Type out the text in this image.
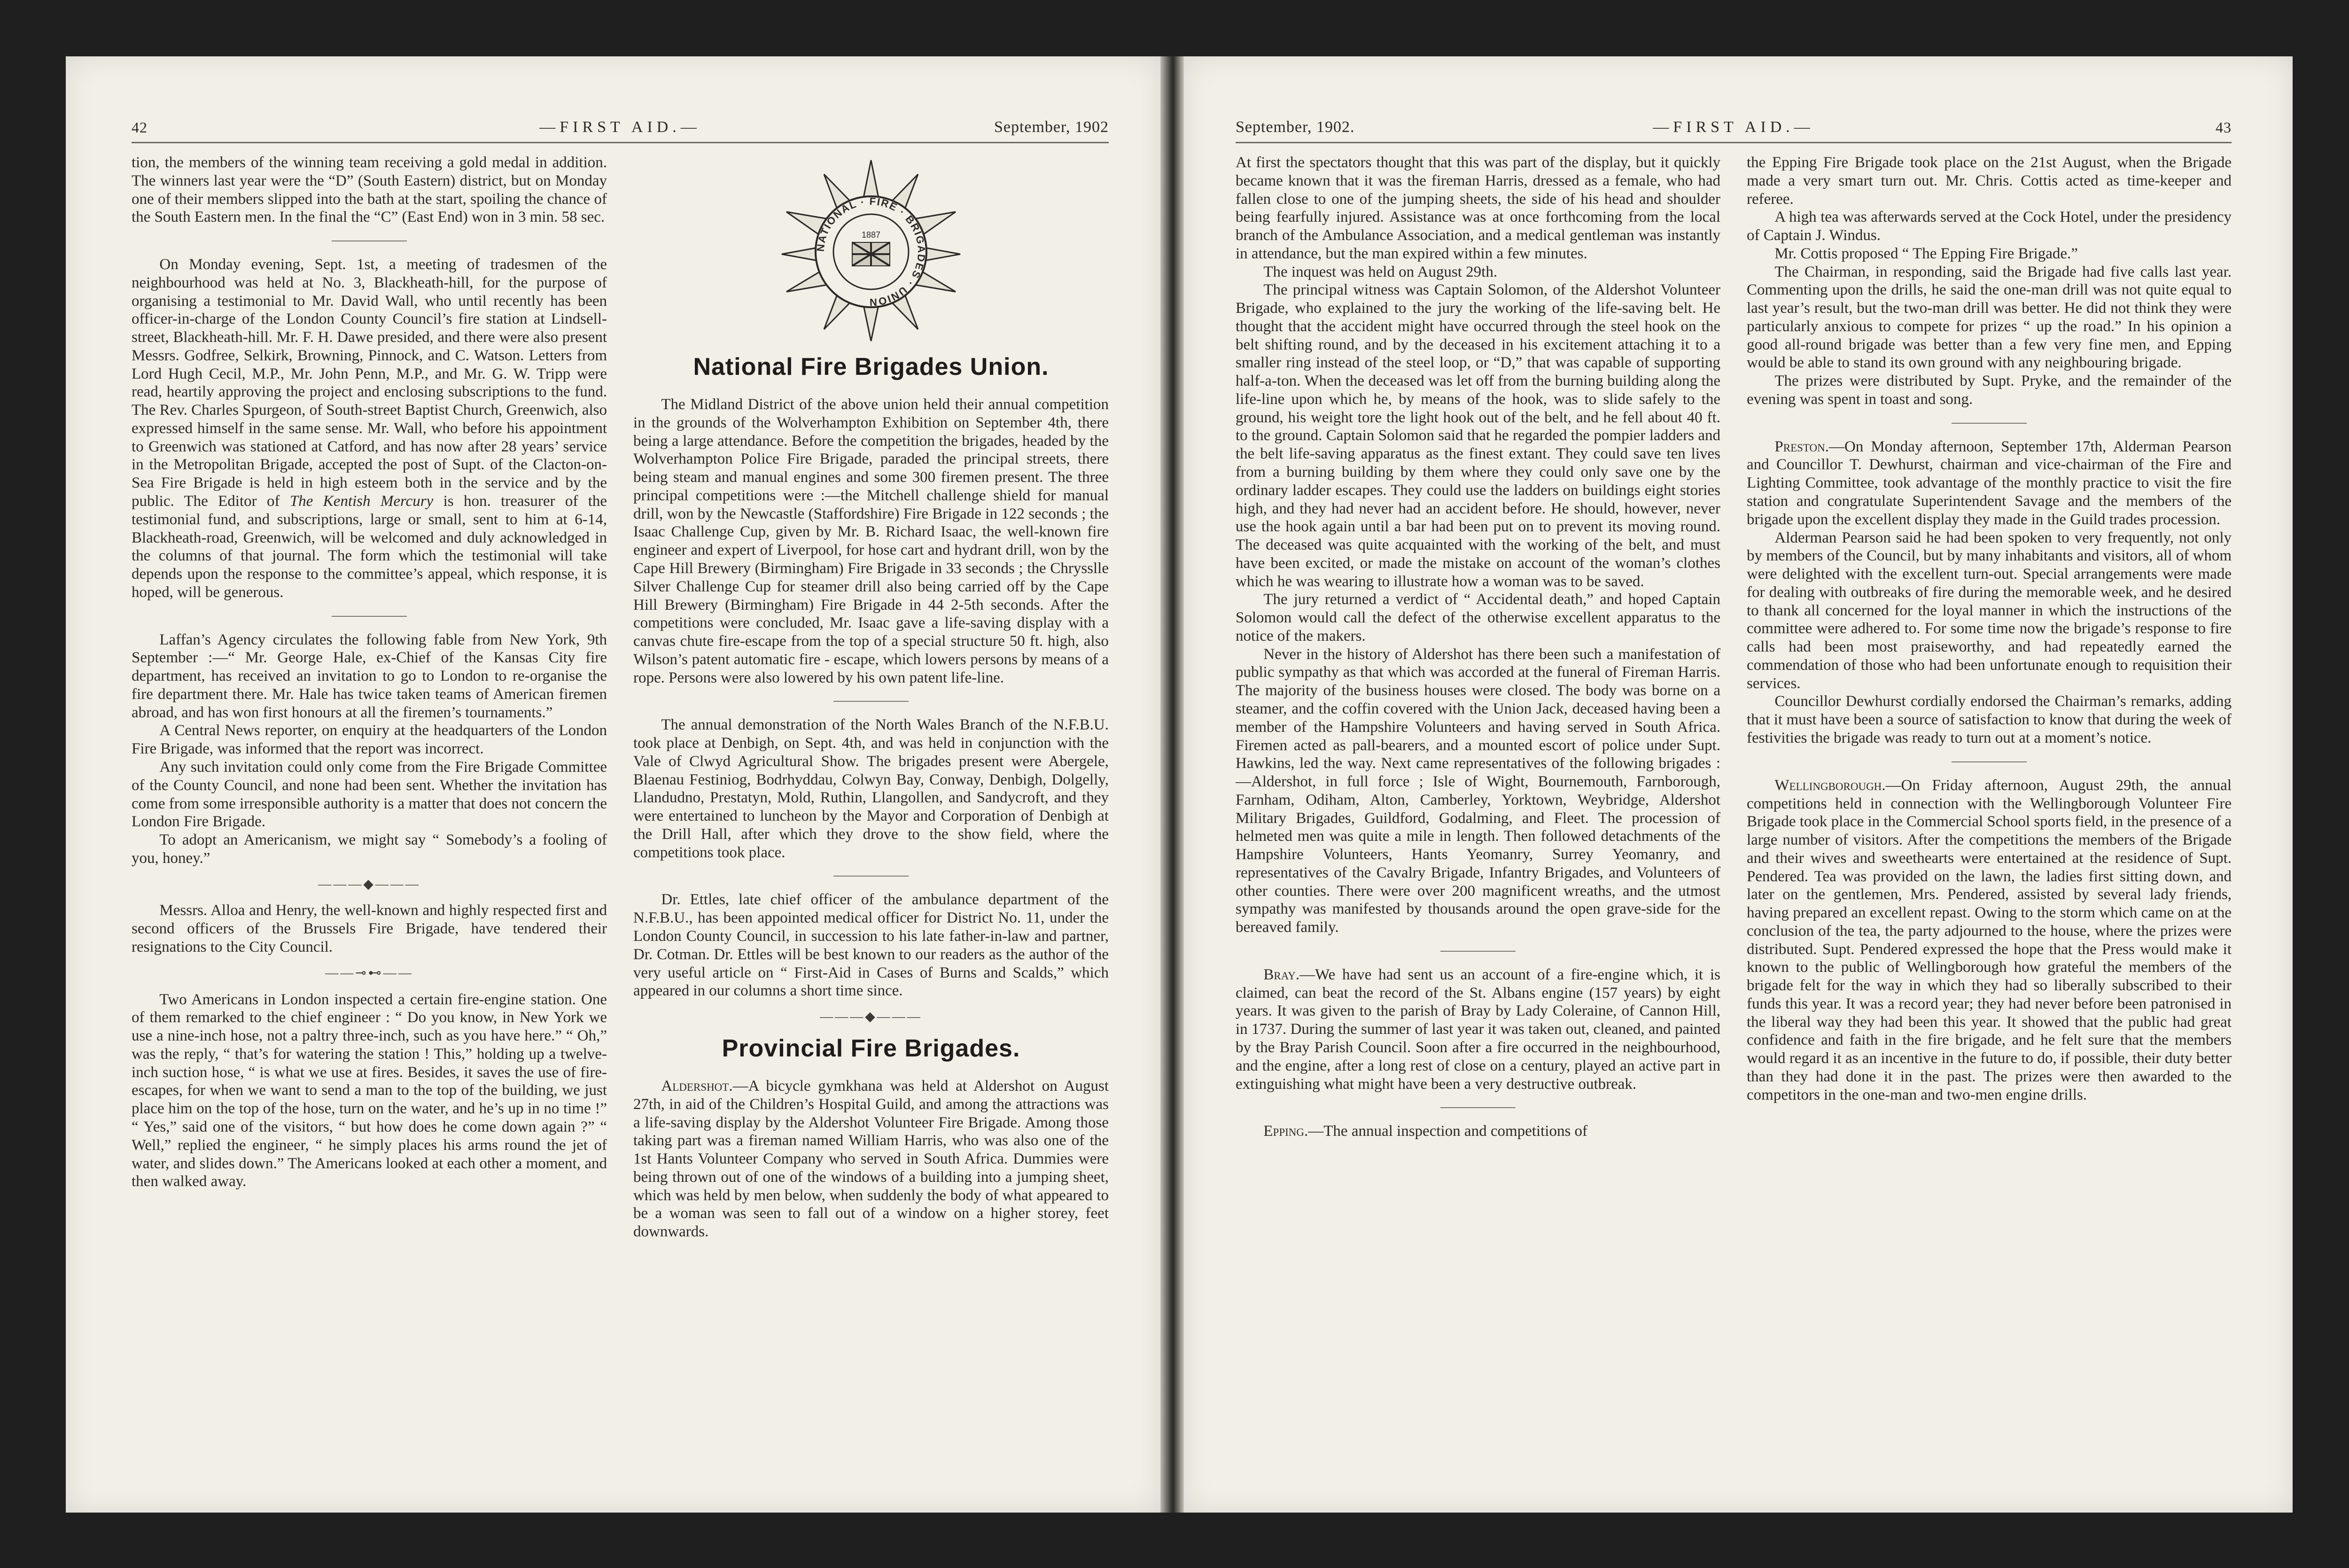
42	—FIRST AID.—	September, 1902

tion, the members of the winning team receiving a gold medal in addition. The winners last year were the “D” (South Eastern) district, but on Monday one of their members slipped into the bath at the start, spoiling the chance of the South Eastern men. In the final the “C” (East End) won in 3 min. 58 sec.

On Monday evening, Sept. 1st, a meeting of tradesmen of the neighbourhood was held at No. 3, Blackheath-hill, for the purpose of organising a testimonial to Mr. David Wall, who until recently has been officer-in-charge of the London County Council’s fire station at Lindsell-street, Blackheath-hill. Mr. F. H. Dawe presided, and there were also present Messrs. Godfree, Selkirk, Browning, Pinnock, and C. Watson. Letters from Lord Hugh Cecil, M.P., Mr. John Penn, M.P., and Mr. G. W. Tripp were read, heartily approving the project and enclosing subscriptions to the fund. The Rev. Charles Spurgeon, of South-street Baptist Church, Greenwich, also expressed himself in the same sense. Mr. Wall, who before his appointment to Greenwich was stationed at Catford, and has now after 28 years’ service in the Metropolitan Brigade, accepted the post of Supt. of the Clacton-on-Sea Fire Brigade is held in high esteem both in the service and by the public. The Editor of The Kentish Mercury is hon. treasurer of the testimonial fund, and subscriptions, large or small, sent to him at 6-14, Blackheath-road, Greenwich, will be welcomed and duly acknowledged in the columns of that journal. The form which the testimonial will take depends upon the response to the committee’s appeal, which response, it is hoped, will be generous.

Laffan’s Agency circulates the following fable from New York, 9th September :—“ Mr. George Hale, ex-Chief of the Kansas City fire department, has received an invitation to go to London to re-organise the fire department there. Mr. Hale has twice taken teams of American firemen abroad, and has won first honours at all the firemen’s tournaments.”

A Central News reporter, on enquiry at the headquarters of the London Fire Brigade, was informed that the report was incorrect.

Any such invitation could only come from the Fire Brigade Committee of the County Council, and none had been sent. Whether the invitation has come from some irresponsible authority is a matter that does not concern the London Fire Brigade.

To adopt an Americanism, we might say “ Somebody’s a fooling of you, honey.”

———◆———

Messrs. Alloa and Henry, the well-known and highly respected first and second officers of the Brussels Fire Brigade, have tendered their resignations to the City Council.

——⊸⊷——

Two Americans in London inspected a certain fire-engine station. One of them remarked to the chief engineer : “ Do you know, in New York we use a nine-inch hose, not a paltry three-inch, such as you have here.” “ Oh,” was the reply, “ that’s for watering the station ! This,” holding up a twelve-inch suction hose, “ is what we use at fires. Besides, it saves the use of fire-escapes, for when we want to send a man to the top of the building, we just place him on the top of the hose, turn on the water, and he’s up in no time !” “ Yes,” said one of the visitors, “ but how does he come down again ?” “ Well,” replied the engineer, “ he simply places his arms round the jet of water, and slides down.” The Americans looked at each other a moment, and then walked away.

NATIONAL · FIRE · BRIGADES · UNION
1887
National Fire Brigades Union.

The Midland District of the above union held their annual competition in the grounds of the Wolverhampton Exhibition on September 4th, there being a large attendance. Before the competition the brigades, headed by the Wolverhampton Police Fire Brigade, paraded the principal streets, there being steam and manual engines and some 300 firemen present. The three principal competitions were :—the Mitchell challenge shield for manual drill, won by the Newcastle (Staffordshire) Fire Brigade in 122 seconds ; the Isaac Challenge Cup, given by Mr. B. Richard Isaac, the well-known fire engineer and expert of Liverpool, for hose cart and hydrant drill, won by the Cape Hill Brewery (Birmingham) Fire Brigade in 33 seconds ; the Chrysslle Silver Challenge Cup for steamer drill also being carried off by the Cape Hill Brewery (Birmingham) Fire Brigade in 44 2-5th seconds. After the competitions were concluded, Mr. Isaac gave a life-saving display with a canvas chute fire-escape from the top of a special structure 50 ft. high, also Wilson’s patent automatic fire - escape, which lowers persons by means of a rope. Persons were also lowered by his own patent life-line.

The annual demonstration of the North Wales Branch of the N.F.B.U. took place at Denbigh, on Sept. 4th, and was held in conjunction with the Vale of Clwyd Agricultural Show. The brigades present were Abergele, Blaenau Festiniog, Bodrhyddau, Colwyn Bay, Conway, Denbigh, Dolgelly, Llandudno, Prestatyn, Mold, Ruthin, Llangollen, and Sandycroft, and they were entertained to luncheon by the Mayor and Corporation of Denbigh at the Drill Hall, after which they drove to the show field, where the competitions took place.

Dr. Ettles, late chief officer of the ambulance department of the N.F.B.U., has been appointed medical officer for District No. 11, under the London County Council, in succession to his late father-in-law and partner, Dr. Cotman. Dr. Ettles will be best known to our readers as the author of the very useful article on “ First-Aid in Cases of Burns and Scalds,” which appeared in our columns a short time since.

———◆———
Provincial Fire Brigades.

Aldershot.—A bicycle gymkhana was held at Aldershot on August 27th, in aid of the Children’s Hospital Guild, and among the attractions was a life-saving display by the Aldershot Volunteer Fire Brigade. Among those taking part was a fireman named William Harris, who was also one of the 1st Hants Volunteer Company who served in South Africa. Dummies were being thrown out of one of the windows of a building into a jumping sheet, which was held by men below, when suddenly the body of what appeared to be a woman was seen to fall out of a window on a higher storey, feet downwards.

September, 1902.	—FIRST AID.—	43

At first the spectators thought that this was part of the display, but it quickly became known that it was the fireman Harris, dressed as a female, who had fallen close to one of the jumping sheets, the side of his head and shoulder being fearfully injured. Assistance was at once forthcoming from the local branch of the Ambulance Association, and a medical gentleman was instantly in attendance, but the man expired within a few minutes.

The inquest was held on August 29th.

The principal witness was Captain Solomon, of the Aldershot Volunteer Brigade, who explained to the jury the working of the life-saving belt. He thought that the accident might have occurred through the steel hook on the belt shifting round, and by the deceased in his excitement attaching it to a smaller ring instead of the steel loop, or “D,” that was capable of supporting half-a-ton. When the deceased was let off from the burning building along the life-line upon which he, by means of the hook, was to slide safely to the ground, his weight tore the light hook out of the belt, and he fell about 40 ft. to the ground. Captain Solomon said that he regarded the pompier ladders and the belt life-saving apparatus as the finest extant. They could save ten lives from a burning building by them where they could only save one by the ordinary ladder escapes. They could use the ladders on buildings eight stories high, and they had never had an accident before. He should, however, never use the hook again until a bar had been put on to prevent its moving round. The deceased was quite acquainted with the working of the belt, and must have been excited, or made the mistake on account of the woman’s clothes which he was wearing to illustrate how a woman was to be saved.

The jury returned a verdict of “ Accidental death,” and hoped Captain Solomon would call the defect of the otherwise excellent apparatus to the notice of the makers.

Never in the history of Aldershot has there been such a manifestation of public sympathy as that which was accorded at the funeral of Fireman Harris. The majority of the business houses were closed. The body was borne on a steamer, and the coffin covered with the Union Jack, deceased having been a member of the Hampshire Volunteers and having served in South Africa. Firemen acted as pall-bearers, and a mounted escort of police under Supt. Hawkins, led the way. Next came representatives of the following brigades :—Aldershot, in full force ; Isle of Wight, Bournemouth, Farnborough, Farnham, Odiham, Alton, Camberley, Yorktown, Weybridge, Aldershot Military Brigades, Guildford, Godalming, and Fleet. The procession of helmeted men was quite a mile in length. Then followed detachments of the Hampshire Volunteers, Hants Yeomanry, Surrey Yeomanry, and representatives of the Cavalry Brigade, Infantry Brigades, and Volunteers of other counties. There were over 200 magnificent wreaths, and the utmost sympathy was manifested by thousands around the open grave-side for the bereaved family.

Bray.—We have had sent us an account of a fire-engine which, it is claimed, can beat the record of the St. Albans engine (157 years) by eight years. It was given to the parish of Bray by Lady Coleraine, of Cannon Hill, in 1737. During the summer of last year it was taken out, cleaned, and painted by the Bray Parish Council. Soon after a fire occurred in the neighbourhood, and the engine, after a long rest of close on a century, played an active part in extinguishing what might have been a very destructive outbreak.

Epping.—The annual inspection and competitions of

the Epping Fire Brigade took place on the 21st August, when the Brigade made a very smart turn out. Mr. Chris. Cottis acted as time-keeper and referee.

A high tea was afterwards served at the Cock Hotel, under the presidency of Captain J. Windus.

Mr. Cottis proposed “ The Epping Fire Brigade.”

The Chairman, in responding, said the Brigade had five calls last year. Commenting upon the drills, he said the one-man drill was not quite equal to last year’s result, but the two-man drill was better. He did not think they were particularly anxious to compete for prizes “ up the road.” In his opinion a good all-round brigade was better than a few very fine men, and Epping would be able to stand its own ground with any neighbouring brigade.

The prizes were distributed by Supt. Pryke, and the remainder of the evening was spent in toast and song.

Preston.—On Monday afternoon, September 17th, Alderman Pearson and Councillor T. Dewhurst, chairman and vice-chairman of the Fire and Lighting Committee, took advantage of the monthly practice to visit the fire station and congratulate Superintendent Savage and the members of the brigade upon the excellent display they made in the Guild trades procession.

Alderman Pearson said he had been spoken to very frequently, not only by members of the Council, but by many inhabitants and visitors, all of whom were delighted with the excellent turn-out. Special arrangements were made for dealing with outbreaks of fire during the memorable week, and he desired to thank all concerned for the loyal manner in which the instructions of the committee were adhered to. For some time now the brigade’s response to fire calls had been most praiseworthy, and had repeatedly earned the commendation of those who had been unfortunate enough to requisition their services.

Councillor Dewhurst cordially endorsed the Chairman’s remarks, adding that it must have been a source of satisfaction to know that during the week of festivities the brigade was ready to turn out at a moment’s notice.

Wellingborough.—On Friday afternoon, August 29th, the annual competitions held in connection with the Wellingborough Volunteer Fire Brigade took place in the Commercial School sports field, in the presence of a large number of visitors. After the competitions the members of the Brigade and their wives and sweethearts were entertained at the residence of Supt. Pendered. Tea was provided on the lawn, the ladies first sitting down, and later on the gentlemen, Mrs. Pendered, assisted by several lady friends, having prepared an excellent repast. Owing to the storm which came on at the conclusion of the tea, the party adjourned to the house, where the prizes were distributed. Supt. Pendered expressed the hope that the Press would make it known to the public of Wellingborough how grateful the members of the brigade felt for the way in which they had so liberally subscribed to their funds this year. It was a record year; they had never before been patronised in the liberal way they had been this year. It showed that the public had great confidence and faith in the fire brigade, and he felt sure that the members would regard it as an incentive in the future to do, if possible, their duty better than they had done it in the past. The prizes were then awarded to the competitors in the one-man and two-men engine drills.
